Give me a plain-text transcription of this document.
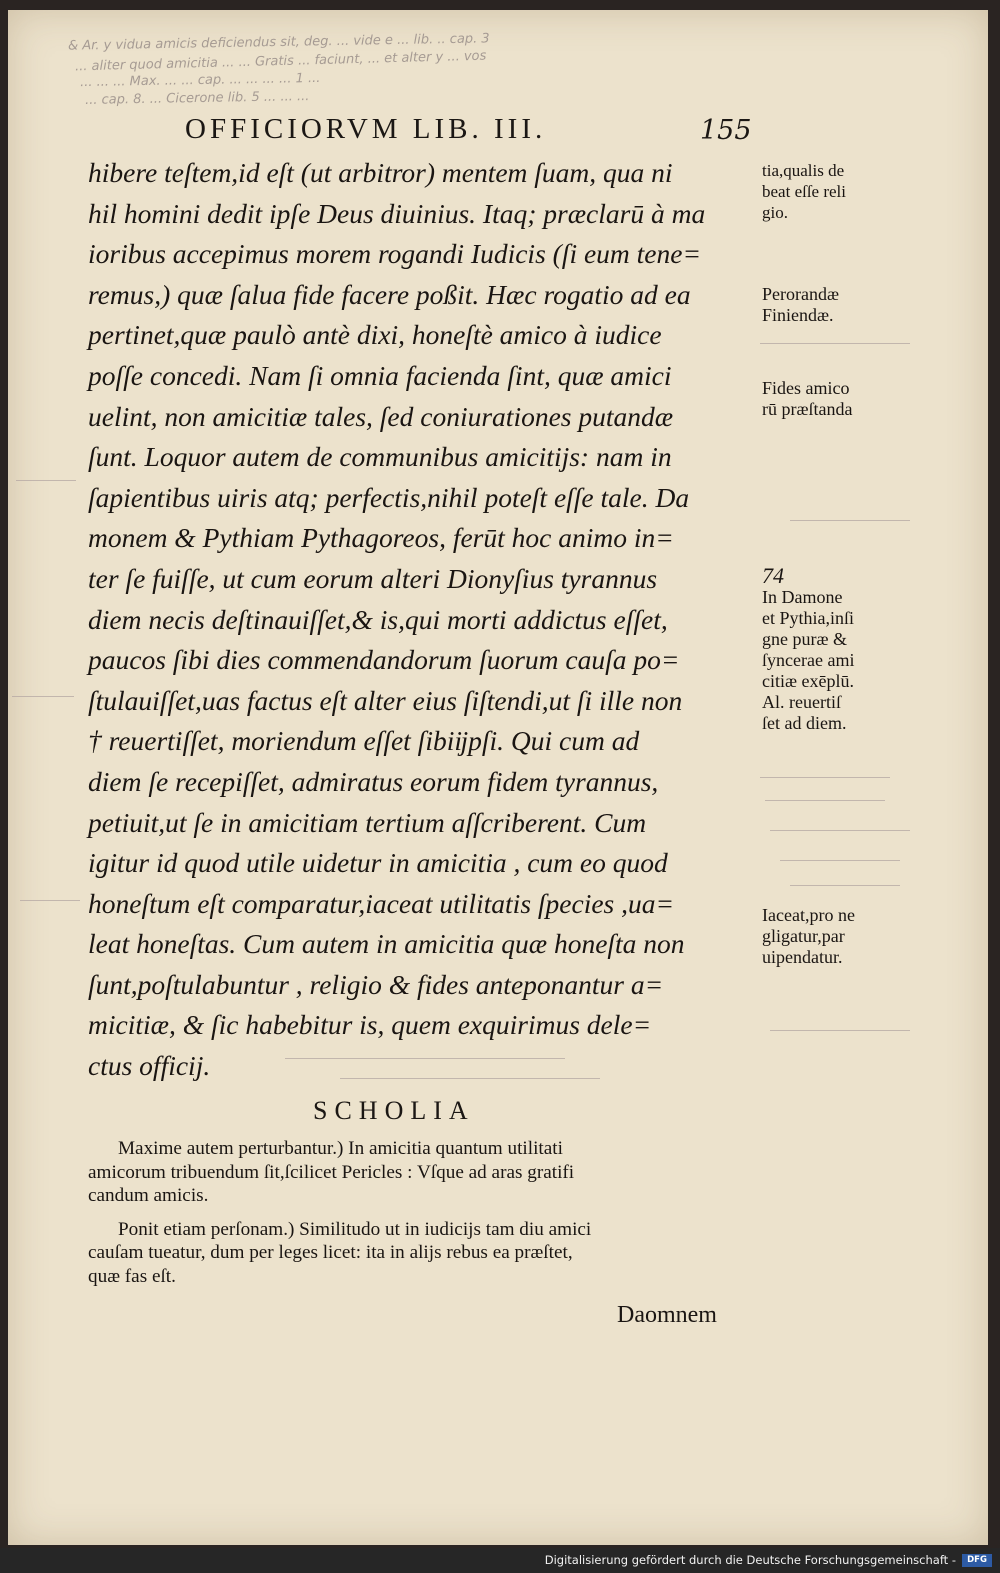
& Ar. y vidua amicis deficiendus sit, deg. ... vide e ... lib. .. cap. 3
... aliter quod amicitia ... ... Gratis ... faciunt, ... et alter y ... vos
... ... ... Max. ... ... cap. ... ... ... ... 1 ...
... cap. 8. ... Cicerone lib. 5 ... ... ...
OFFICIORVM LIB. III.	155
hibere teſtem,id eſt (ut arbitror) mentem ſuam, qua ni
hil homini dedit ipſe Deus diuinius. Itaq; præclarū à ma
ioribus accepimus morem rogandi Iudicis (ſi eum tene=
remus,) quæ ſalua fide facere poßit. Hæc rogatio ad ea
pertinet,quæ paulò antè dixi, honeſtè amico à iudice
poſſe concedi. Nam ſi omnia facienda ſint, quæ amici
uelint, non amicitiæ tales, ſed coniurationes putandæ
ſunt. Loquor autem de communibus amicitijs: nam in
ſapientibus uiris atq; perfectis,nihil poteſt eſſe tale. Da
monem & Pythiam Pythagoreos, ferūt hoc animo in=
ter ſe fuiſſe, ut cum eorum alteri Dionyſius tyrannus
diem necis deſtinauiſſet,& is,qui morti addictus eſſet,
paucos ſibi dies commendandorum ſuorum cauſa po=
ſtulauiſſet,uas factus eſt alter eius ſiſtendi,ut ſi ille non
† reuertiſſet, moriendum eſſet ſibiĳpſi. Qui cum ad
diem ſe recepiſſet, admiratus eorum fidem tyrannus,
petiuit,ut ſe in amicitiam tertium aſſcriberent. Cum
igitur id quod utile uidetur in amicitia , cum eo quod
honeſtum eſt comparatur,iaceat utilitatis ſpecies ,ua=
leat honeſtas. Cum autem in amicitia quæ honeſta non
ſunt,poſtulabuntur , religio & fides anteponantur a=
micitiæ, & ſic habebitur is, quem exquirimus dele=
ctus officij.
tia,qualis de
beat eſſe reli
gio.
Perorandæ
Finiendæ.
Fides amico
rū præſtanda
74
In Damone
et Pythia,inſi
gne puræ &
ſyncerae ami
citiæ exēplū.
Al. reuertiſ
ſet ad diem.
Iaceat,pro ne
gligatur,par
uipendatur.
SCHOLIA
Maxime autem perturbantur.) In amicitia quantum utilitati
amicorum tribuendum ſit,ſcilicet Pericles : Vſque ad aras gratifi
candum amicis.
Ponit etiam perſonam.) Similitudo ut in iudicijs tam diu amici
cauſam tueatur, dum per leges licet: ita in alijs rebus ea præſtet,
quæ fas eſt.
Daomnem
Digitalisierung gefördert durch die Deutsche Forschungsgemeinschaft -	DFG
